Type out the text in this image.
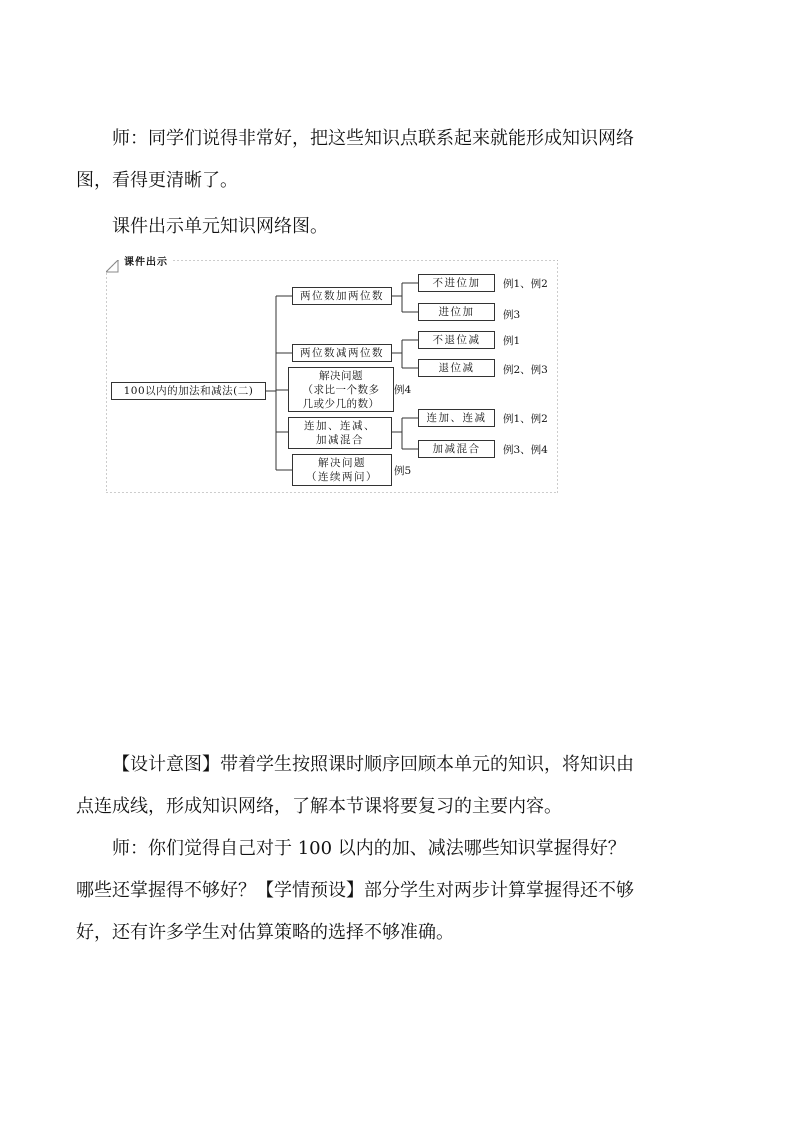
师：同学们说得非常好，把这些知识点联系起来就能形成知识网络图，看得更清晰了。

课件出示单元知识网络图。

课件出示
100以内的加法和减法(二)
两位数加两位数
两位数减两位数
解决问题
（求比一个数多
几或少几的数）
连加、连减、
加减混合
解决问题
（连续两问）
不进位加
进位加
不退位减
退位减
连加、连减
加减混合
例1、例2
例3
例1
例2、例3
例4
例1、例2
例3、例4
例5

【设计意图】带着学生按照课时顺序回顾本单元的知识，将知识由点连成线，形成知识网络，了解本节课将要复习的主要内容。

师：你们觉得自己对于 100 以内的加、减法哪些知识掌握得好？哪些还掌握得不够好？【学情预设】部分学生对两步计算掌握得还不够好，还有许多学生对估算策略的选择不够准确。
